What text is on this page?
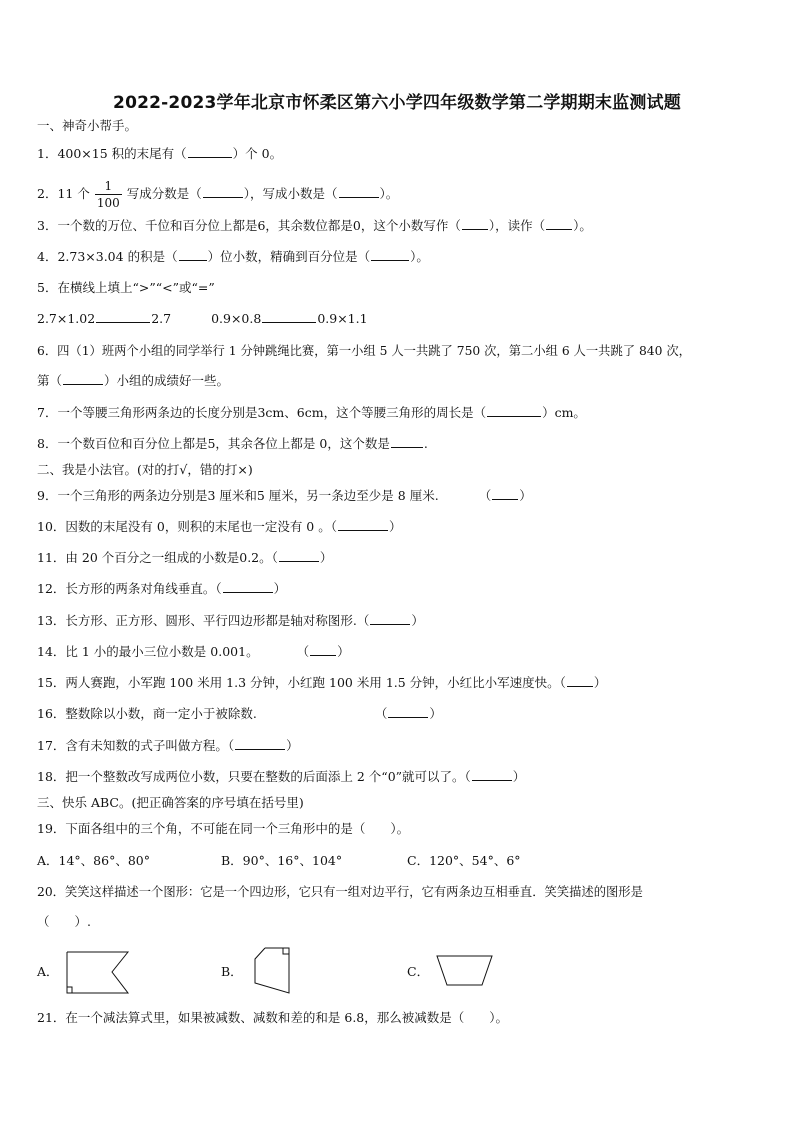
2022-2023学年北京市怀柔区第六小学四年级数学第二学期期末监测试题
一、神奇小帮手。
1．400×15 积的末尾有（	）个 0。
2．11 个 $\frac{1}{100}$ 写成分数是（	），写成小数是（	）。
3．一个数的万位、千位和百分位上都是6，其余数位都是0，这个小数写作（ ），读作（ ）。
4．2.73×3.04 的积是（ ）位小数，精确到百分位是（	）。
5．在横线上填上“>”“<”或“=”
2.7×1.02	2.7	0.9×0.8	0.9×1.1
6．四（1）班两个小组的同学举行 1 分钟跳绳比赛，第一小组 5 人一共跳了 750 次，第二小组 6 人一共跳了 840 次，
第（	）小组的成绩好一些。
7．一个等腰三角形两条边的长度分别是3cm、6cm，这个等腰三角形的周长是（	）cm。
8．一个数百位和百分位上都是5，其余各位上都是 0，这个数是	.
二、我是小法官。(对的打√，错的打×)
9．一个三角形的两条边分别是3 厘米和5 厘米，另一条边至少是 8 厘米.	（ ）
10．因数的末尾没有 0，则积的末尾也一定没有 0 。（	）
11．由 20 个百分之一组成的小数是0.2。（	）
12．长方形的两条对角线垂直。（	）
13．长方形、正方形、圆形、平行四边形都是轴对称图形.（	）
14．比 1 小的最小三位小数是 0.001。	（ ）
15．两人赛跑，小军跑 100 米用 1.3 分钟，小红跑 100 米用 1.5 分钟，小红比小军速度快。（ ）
16．整数除以小数，商一定小于被除数.	（	）
17．含有未知数的式子叫做方程。（	）
18．把一个整数改写成两位小数，只要在整数的后面添上 2 个“0”就可以了。（	）
三、快乐 ABC。(把正确答案的序号填在括号里)
19．下面各组中的三个角，不可能在同一个三角形中的是（　　）。
A．14°、86°、80°	B．90°、16°、104°	C．120°、54°、6°
20．笑笑这样描述一个图形：它是一个四边形，它只有一组对边平行，它有两条边互相垂直．笑笑描述的图形是
（　　）.
A．	B．	C．
21．在一个减法算式里，如果被减数、减数和差的和是 6.8，那么被减数是（　　）。
